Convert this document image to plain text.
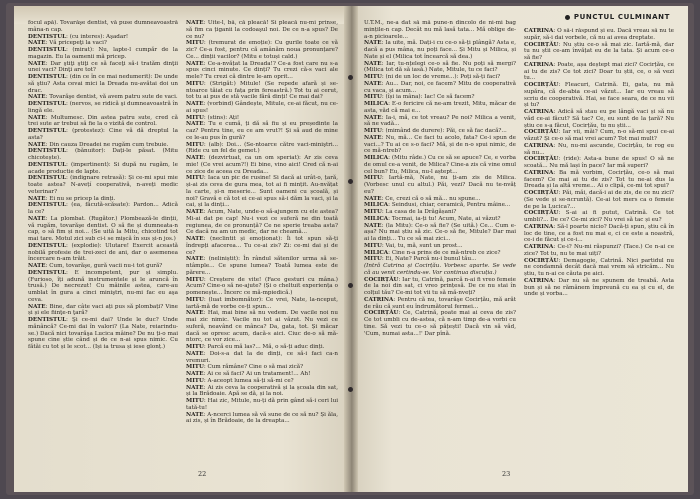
focul apă). Tovarăşe dentist, vă puse dumneavoastră mâna-n cap.

DENTISTUL: (cu interes): Aşadar!

NATE: Vă pricepeţi la vaci?

DENTISTUL: (mirat): Nu, lapte-l cumpăr de la magazin. Eu la oamenii mă pricep.

NATE: Dar ştiţi ştiţi ce să faceţi să-i tratăm dinţii unei vaci? Dinţi are tot?

DENTISTUL: (din ce în ce mai nedumerit): De unde să ştiu? Asta cevai mici la Dreada nu-avătai doi un drac.

NATE: Tovarăşe dentist, vă avem patru sute de vaci.

DENTISTUL: (nervos, se ridică şi dumneavoastră în lingă ele.

NATE: Multumesc. Din astea patru sute, cred că trei sute ar trebui să fie la o vizită de control.

DENTISTUL: (protestez): Cine vă dă dreptul la asta?

NATE: Din cauza Dreadei ne rugăm cum trebuie.

DENTISTUL: (bănuitor): Dați-le păsat. (Mitu chicotește).

DENTISTUL: (impertinent): Si după nu rugăm, le acade productie de lapte.

DENTISTUL: (indignare retrasă): Și ce-mi spui mie toate astea? N-avețí cooperativă, n-aveți medic veterinar?

NATE: Ei nu se pricep la dinți.

DENTISTUL: (ea, făcută-scăsate): Pardon... Adică la ce?

NATE: La plombat. (Rugător.) Plombează-le dinții, vă rugăm, tovarăşe dentist. O să fie și dumneata-n cap, o să fim și noi... (Se uită la Mitu, chicotind tot mai tare. Motul zici sub ci-i se mișcă în sus și-n jos.)

DENTISTUL: (explodie): Ulutare! Exercit această nobilă profesie de trei-zeci de ani, dar o asemenea încercare n-am trăit.

NATE: Cum, tovarăşe, gură vacii nu-i tot gură?

DENTISTUL: E incompetent, pur și simplu. (Furioso, îți adună instrumentele și le aruncă în trusă.) De necrezut! Cu mâinile astea, care-au umblat în gura a cinci miniştri, nu-mi fac eu aşa ceva.

NATE: Bine, dar câte vaci ați pus să plombați? Vine și și ele fiinţe-n ţară?

DENTISTUL: Şi ce-mi dai? Unde le duc? Unde mănâncă? Ce-mi dai în valori? (La Nate, reiarindu-se.) Dacă nici tovarăşa Lucica mâine? De nu ți-o mai spune cine știe când și de ce n-ai spus nimic. Cu fătăi cu tot și le scot... (Iși ia trusa și iese glonț.)

NATE: Uite-l, bă, că pleacă! Si pleacă nu-mi prinse, să fim ca țiganii la codoaşul noi. De ce n-a spus? De ce nu?

MITU: (tremurat de emoție): Cu gurile toate ce vă zic? Ce-a fost, pentru că amânăm noua pronunțare? Ce... dinții vacilor? (Mitu e totuși cald.)

NATE: Ce-a-nvățat la Dreada!? Ce-a fost care nu s-a spus cinci minute. Ce dinți? Tu crezi că-s vaci ale mele? Tu crezi că dintre le-am oprit...

MITU: (Strigăt:) Mitule! (Se repede afară și se-ntoarce tăiat cu fața prin fereastră.) Tot tu ai cerut, tot tu ai pus de stă vacile fără dinți! Ce mai dai?

NATE: (vorbind) Gândește, Mitule, ce-ai făcut, nu ce-ai spus!

MITU: (stins): Ați!

NATE: Tu e cumă, ți dă să fiu și eu președinte la caz? Pentru tine, eu ce am vrut?! Și să aud de mine ce le-au pus în gură?

MITU: (alb): Doi... (Se-ntoarce către vaci-miniştri...(Ride cu un fel de gemet.)

NATE: (dezvirtuat, ca un om speriat): Ar zis ceva mie! (Ce vrei acum?!) Ei bine, vino aici! Cred că n-ai ce zice de aceea cu Dreada...

MITU: Iaca un pic de rusine! Si dacă ai urât-o, țară, și-ai zis ceva de gura mea, tot ai fi mințit. Au-nvățat la carte, și-n meserie... Sunt oameni cu școală, și noi? Gravă e că tot ei ce-ai spus să-i dăm la vaci, și la cai, și la dinți...

NATE: Acum, Nate, unde-o să-ajungem cu ele astea? Mi-ai dat pe cap! Nu-i vezi ce suferă ne din toată regiunea, de ce pronunță? Ce ne sperie treaba asta? Ce dacă nu am un medic, dar ne cheamă...

NATE: (neclintit și emoționat): Îi tot spun să-ți îndrepți afacerea... Tu ce-ai zis? Zi: ce-mi dai și de ce?

NATE: (neliniștit): În rândul sătenilor urma să se-ntâmple... Ce spune lumea? Toată lumea este de părere...

MITU: Creștere de vite! (Face gesturi cu mâna.) Acum? Cine-o să ne-ajute? (Și o cheltuit experiența o pomenește... Încerc ce mă-mpiedică.)

MITU: (luat imbomnător): Ce vrei, Nate, la-nceput, iartă-mă de vorbe ce-ți spun...

NATE: Hai, mai bine să nu vedem. De vacile noi nu mai zic nimic. Vacile nu tot ai văzut. Nu vezi ce suferă, neavând ce mânca? Da, gata, tot. Și măcar dacă se opresc acum, dacă-s aici. Ciuc de-o să mă-ntorc, ce vor zice...

MITU: Parcă eu mă las?... Mă, o să-ți aduc dinți.

NATE: Doi-s-a dat la de dinți, ce să-i faci ca-n vremuri.

MITU: Cum rămâne? Cine o să mai zică?

NATE: Ai ce să faci? Ai un tratament!... Ah!

MITU: A-aceopt lumea să-ți să-mi ce?

NATE: Ai zis ceva la cooperativă și la școala din sat, și la Brădoaie. Apă se dă, și la noi.

MITU: Hai zic, Mitule, nu-ți dă prin gând să-i ceri lui tată-tu!

NATE: A-ncerci lumea să vă sune de ce să nu? Și ăla, ai zis, și în Brădoaie, de la dreapta...

22
PUNCTUL CULMINANT

U.T.M., ne-a dat să mă pune-n dincolo de ni-mi bag mințile-n cap. Decât nu mă lasă tata... Mă oblige de-a-n picioarele...

NATE: Ia uite, mă. Dați-i cu ce-o să-ți plângă? Asta e, dacă a pus mâna, nu poți face... Și Mitu și Milica, și Nate și el (Milica tot încearcă să dea.)

NATE: Iar, tu-nțelegi ce-o să fie. Nu poți să mergi? (Milica tot dă să iasă.) Nate, Mitule, tu ce faci?

MITU: (ni de un loc de vreme...): Poți să-ți faci?

NATE: Au... Dar, noi, ce facem? Mitu de cooperativă cu vaca, și acum...

MITU: (își ia mâna): Iac! Ce să facem?

MILICA: E-o fericire că ne-am trezit, Mitu, măcar de asta, văd că mai e...

NATE: Ia-i, mă, ce tot vreau? Pe noi? Milica a venit, să ne vadă...

MITU: (mimând de durere): Păi, ce să fac dacă?...

NATE: Nu, mă... Ce faci tu acolo, fata? Ce-i spun de vaci...? Tu ai ce s-o faci? Mă, și de n-o spui nimic, de ce mă-ntreb?

MILICA: (Mitu râde.) Cu ce să se apuce? Ce, e vorba de omul ce-a venit, de Milica? Cine-a zis că vine omul cel bun? Eu, Milica, nu-l aștept...

MITU: Iartă-mă, Nate, nu ți-am zis de Milica. (Vorbesc unul cu altul.) Păi, vezi? Dacă nu te-nvăț eu?

NATE: Ce, crezi că o să mă... nu spune...

MILICA: Seindusi, chiar, ceramică, Pentru mâine...

MITU: La casa de la Drăgășani?

MILICA: Tocmai, ia-ți tu! Acum, Nate, ai văzut?

NATE: (la Mitu): Ce-o să fie? (Se uită.) Ce... Cum e-așa? Nu mai știu să zic. Ce-o să fie, Mitule? Dar mai ai la dinți... Tu ce să mai zici...

MITU: Vai, tu, mă, sunt un prost...

MILICA: Cine n-a prins de ce mă-ntreb ce zice?

MITU: Ei, Nate? Parcă nu-i bunul tău...

(Intră Catrina și Cocirțău. Vorbesc aparte. Se vede că au venit certindu-se. Vor continua discuția.)

COCIRȚĂU: Iar tu, Catrină, parcă n-ai fi vreo femeie de la noi din sat, ci vreo prințesă. De ce nu stai în colțul tău? Ce-mi tot vii tu să mă-nveți?

CATRINA: Pentru că nu, tovarăşe Cocirțău, mă arăt de rău că sunt eu îndrumătorul fermei...

COCIRȚĂU: Ce, Catrină, poate mai ai ceva de zis? Ce tot umbli cu de-astea, că n-am timp de-a vorbi cu tine. Să vezi tu ce-o să pățești! Dacă vin să văd, 'Cum, numai asta...!' Dar pînă.

CATRINA: O să-i răspund și eu. Dacă vreau să nu te supăr, să-i dai vorbele, că nu ai avea dreptate.

COCIRȚĂU: Nu știu ce-o să mai zic. Iartă-mă, dar tu nu știi ce-am învățat eu de la tata. Și acum ce-o să fie?

CATRINA: Poate, așa deștept mai zici? Cocirțău, ce ai tu de zis? Ce tot zici? Doar tu știi, ce, o să vezi tu...

COCIRȚĂU: Fleacuri, Catrină. Ei, gata, nu mă supăra, că de-abia ce-ai văzut... Iar eu vreau să scriu de cooperativă. Hai, se face seara, de ce nu vii și tu?

CATRINA: Adică să stau eu pe lângă vaci și să nu văd ce-ai făcut? Să tac? Ce, eu sunt de la țară? Nu știu ce s-a făcut, Cocirțău, tu nu știi...

COCIRȚĂU: Iar vii, măi? Cum, n-o să-mi spui ce-ai văzut? Și ce-o să mai vrei acum? Tot mai mult?

CATRINA: Nu, nu-mi ascunde, Cocirțău, te rog eu să nu...

COCIRȚĂU: (ride): Asta-a bune de spus! O să ne scoată... Nu mă lași în pace? Iar mă superi?

CATRINA: Ba mă vorbim, Cocirțău, ce-o să mai facem? Ce mai ai tu de zis? Tot tu ne-ai dus la Dreada și la altă vreme... Ai o clipă, ce-mi tot spui?

COCIRȚĂU: Păi, măi, dacă-i ai de zis, de ce nu zici? (Se vede și se-ncruntă). Ce-ai tot mers ca o femeie de pe la Lucica?...

COCIRȚĂU: S-ai ai fi putut, Catrină. Ce tot umbli?... De ce? Ce-mi zici? Nu vrei să tac și eu?

CATRINA: Să-l poarte nicio? Dacă-ți spun, știu că în loc de tine, ce a fost nu mai e, ci ce este a noastră, ce-i de făcut și ce-i...

CATRINA: Ce-i? Nu-mi răspunzi? (Tace.) Ce n-ai ce zice? Tot tu, nu te mai uiți?

COCIRȚĂU: Demagogie, Catrină. Nici partidul nu ne condamnă decât dacă mai vrem să stricăm... Nu știu, tu n-ai ce căuta pe aici.

CATRINA: Dar nu să ne spunem de treabă. Asta bun și să ne rămânem împreună cu ea și cu el, de unde și vorba...

23
